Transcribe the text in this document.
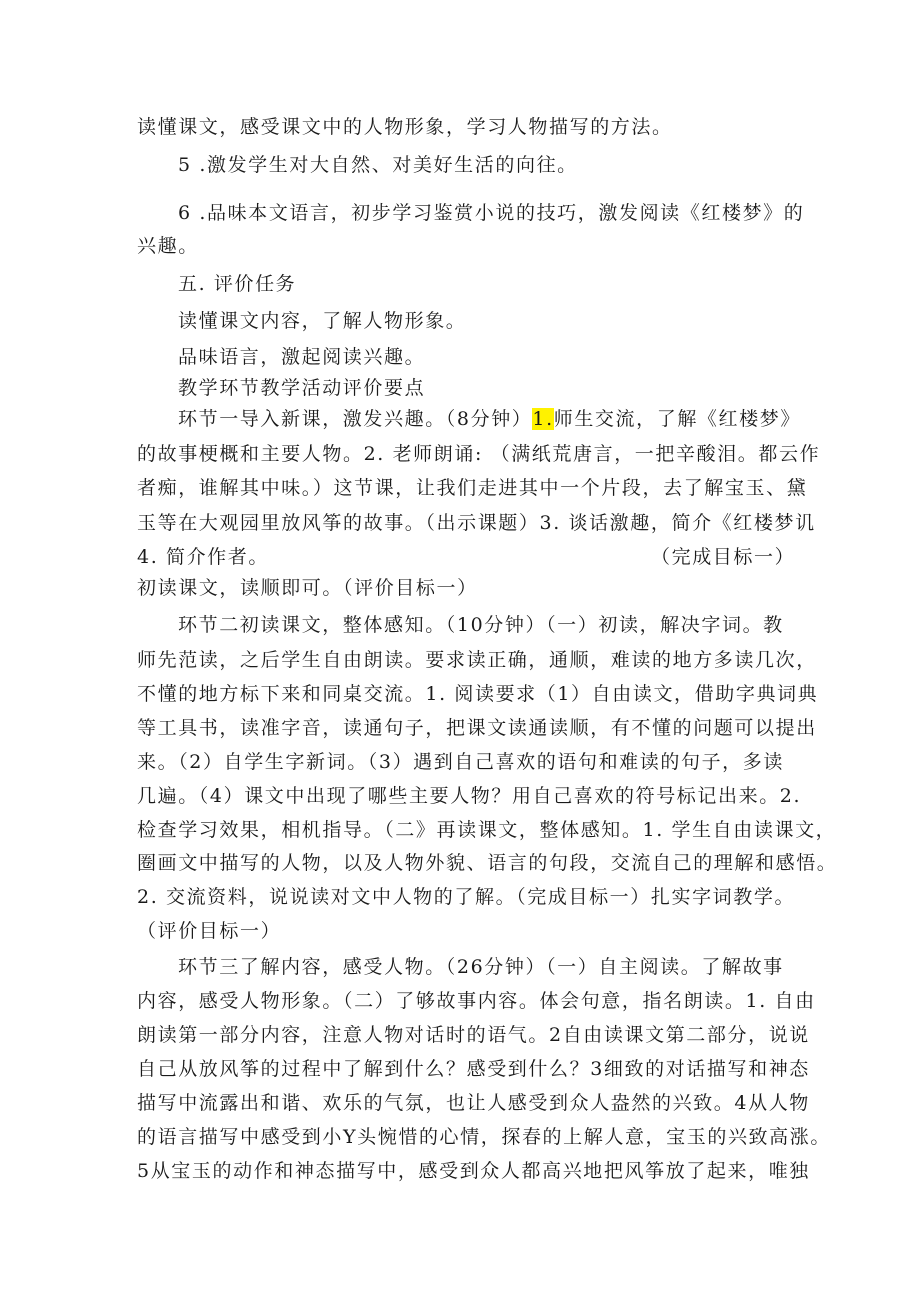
读懂课文，感受课文中的人物形象，学习人物描写的方法。
5 .激发学生对大自然、对美好生活的向往。
6 .品味本文语言，初步学习鉴赏小说的技巧，激发阅读《红楼梦》的
兴趣。
五. 评价任务
读懂课文内容，了解人物形象。
品味语言，激起阅读兴趣。
教学环节教学活动评价要点
环节一导入新课，激发兴趣。（8分钟）1.师生交流，了解《红楼梦》
的故事梗概和主要人物。2. 老师朗诵: （满纸荒唐言，一把辛酸泪。都云作
者痴，谁解其中味。）这节课，让我们走进其中一个片段，去了解宝玉、黛
玉等在大观园里放风筝的故事。（出示课题）3. 谈话激趣，简介《红楼梦讥
4. 简介作者。	（完成目标一）
初读课文，读顺即可。（评价目标一）
环节二初读课文，整体感知。（10分钟）（一）初读，解决字词。教
师先范读，之后学生自由朗读。要求读正确，通顺，难读的地方多读几次，
不懂的地方标下来和同桌交流。1. 阅读要求（1）自由读文，借助字典词典
等工具书，读准字音，读通句子，把课文读通读顺，有不懂的问题可以提出
来。（2）自学生字新词。（3）遇到自己喜欢的语句和难读的句子，多读
几遍。（4）课文中出现了哪些主要人物？用自己喜欢的符号标记出来。2.
检查学习效果，相机指导。（二》再读课文，整体感知。1. 学生自由读课文，
圈画文中描写的人物，以及人物外貌、语言的句段，交流自己的理解和感悟。
2. 交流资料，说说读对文中人物的了解。（完成目标一）扎实字词教学。
（评价目标一）
环节三了解内容，感受人物。（26分钟）（一）自主阅读。了解故事
内容，感受人物形象。（二）了够故事内容。体会句意，指名朗读。1. 自由
朗读第一部分内容，注意人物对话时的语气。2自由读课文第二部分，说说
自己从放风筝的过程中了解到什么？感受到什么？3细致的对话描写和神态
描写中流露出和谐、欢乐的气氛，也让人感受到众人盎然的兴致。4从人物
的语言描写中感受到小Y头惋惜的心情，探春的上解人意，宝玉的兴致高涨。
5从宝玉的动作和神态描写中，感受到众人都高兴地把风筝放了起来，唯独
